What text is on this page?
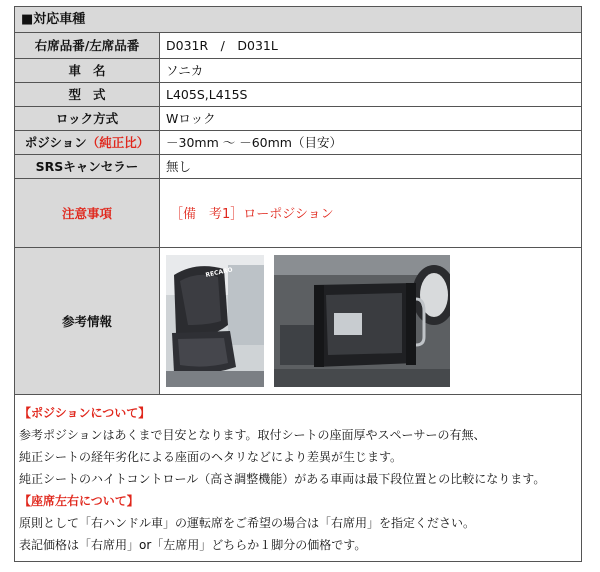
■対応車種
右席品番/左席品番	D031R　/　D031L
車名	ソニカ
型式	L405S,L415S
ロック方式	Wロック
ポジション（純正比）	－30mm 〜 －60mm（目安）
SRSキャンセラー	無し
注意事項	［備　考1］ローポジション
参考情報	RECARO

【ポジションについて】
参考ポジションはあくまで目安となります。取付シートの座面厚やスペーサーの有無、
純正シートの経年劣化による座面のヘタリなどにより差異が生じます。
純正シートのハイトコントロール（高さ調整機能）がある車両は最下段位置との比較になります。
【座席左右について】
原則として「右ハンドル車」の運転席をご希望の場合は「右席用」を指定ください。
表記価格は「右席用」or「左席用」どちらか１脚分の価格です。
